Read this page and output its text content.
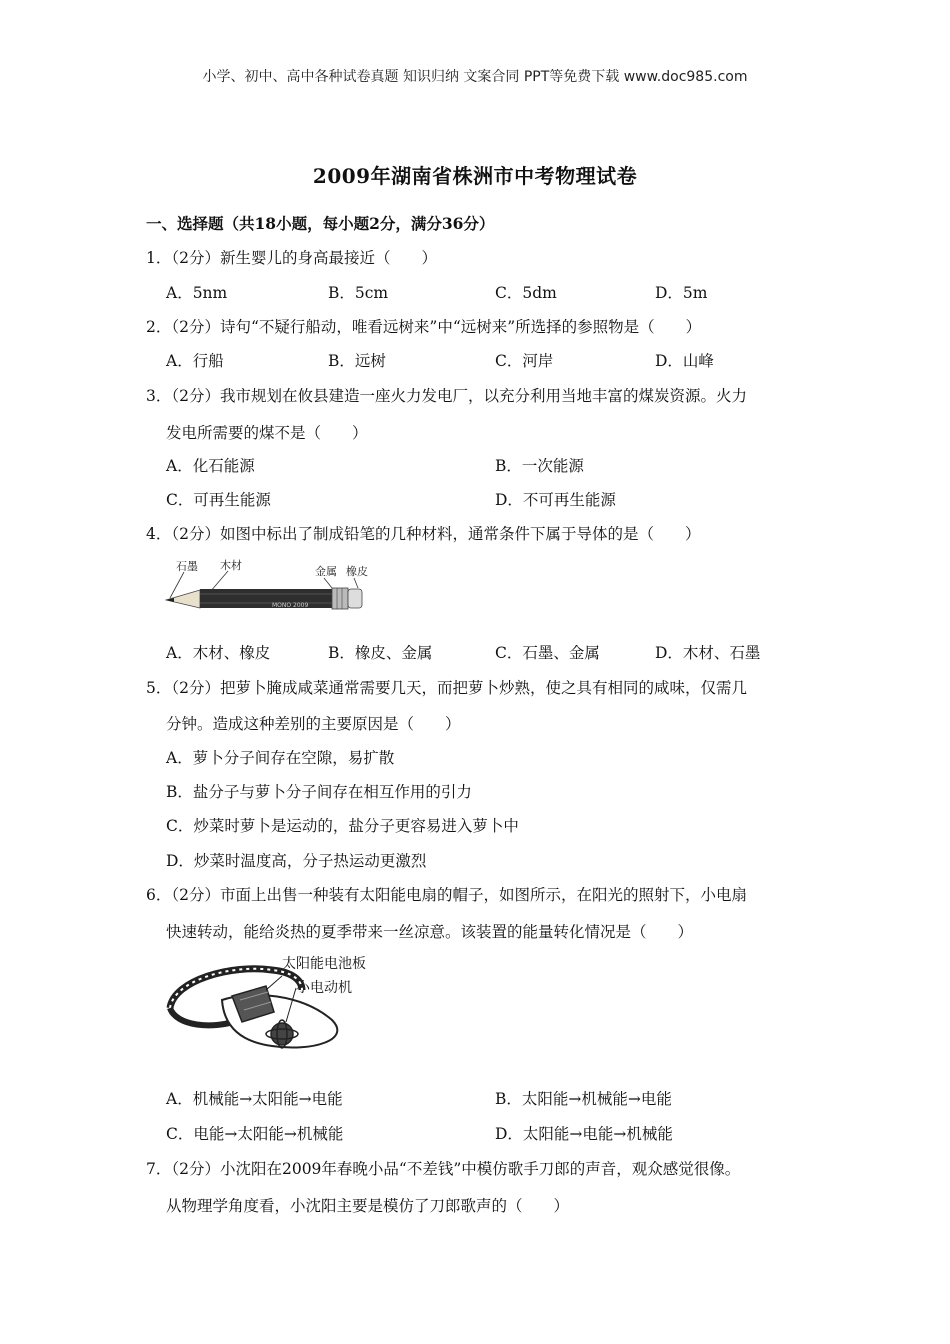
小学、初中、高中各种试卷真题 知识归纳 文案合同 PPT等免费下载 www.doc985.com
2009年湖南省株洲市中考物理试卷
一、选择题（共18小题，每小题2分，满分36分）
1．（2分）新生婴儿的身高最接近（　　）
A．5nm	B．5cm	C．5dm	D．5m
2．（2分）诗句“不疑行船动，唯看远树来”中“远树来”所选择的参照物是（　　）
A．行船	B．远树	C．河岸	D．山峰
3．（2分）我市规划在攸县建造一座火力发电厂，以充分利用当地丰富的煤炭资源。火力
发电所需要的煤不是（　　）
A．化石能源	B．一次能源
C．可再生能源	D．不可再生能源
4．（2分）如图中标出了制成铅笔的几种材料，通常条件下属于导体的是（　　）
石墨 木材	金属 橡皮
MONO 2009
A．木材、橡皮	B．橡皮、金属	C．石墨、金属	D．木材、石墨
5．（2分）把萝卜腌成咸菜通常需要几天，而把萝卜炒熟，使之具有相同的咸味，仅需几
分钟。造成这种差别的主要原因是（　　）
A．萝卜分子间存在空隙，易扩散
B．盐分子与萝卜分子间存在相互作用的引力
C．炒菜时萝卜是运动的，盐分子更容易进入萝卜中
D．炒菜时温度高，分子热运动更激烈
6．（2分）市面上出售一种装有太阳能电扇的帽子，如图所示，在阳光的照射下，小电扇
快速转动，能给炎热的夏季带来一丝凉意。该装置的能量转化情况是（　　）
太阳能电池板
小电动机
A．机械能→太阳能→电能	B．太阳能→机械能→电能
C．电能→太阳能→机械能	D．太阳能→电能→机械能
7．（2分）小沈阳在2009年春晚小品“不差钱”中模仿歌手刀郎的声音，观众感觉很像。
从物理学角度看，小沈阳主要是模仿了刀郎歌声的（　　）
